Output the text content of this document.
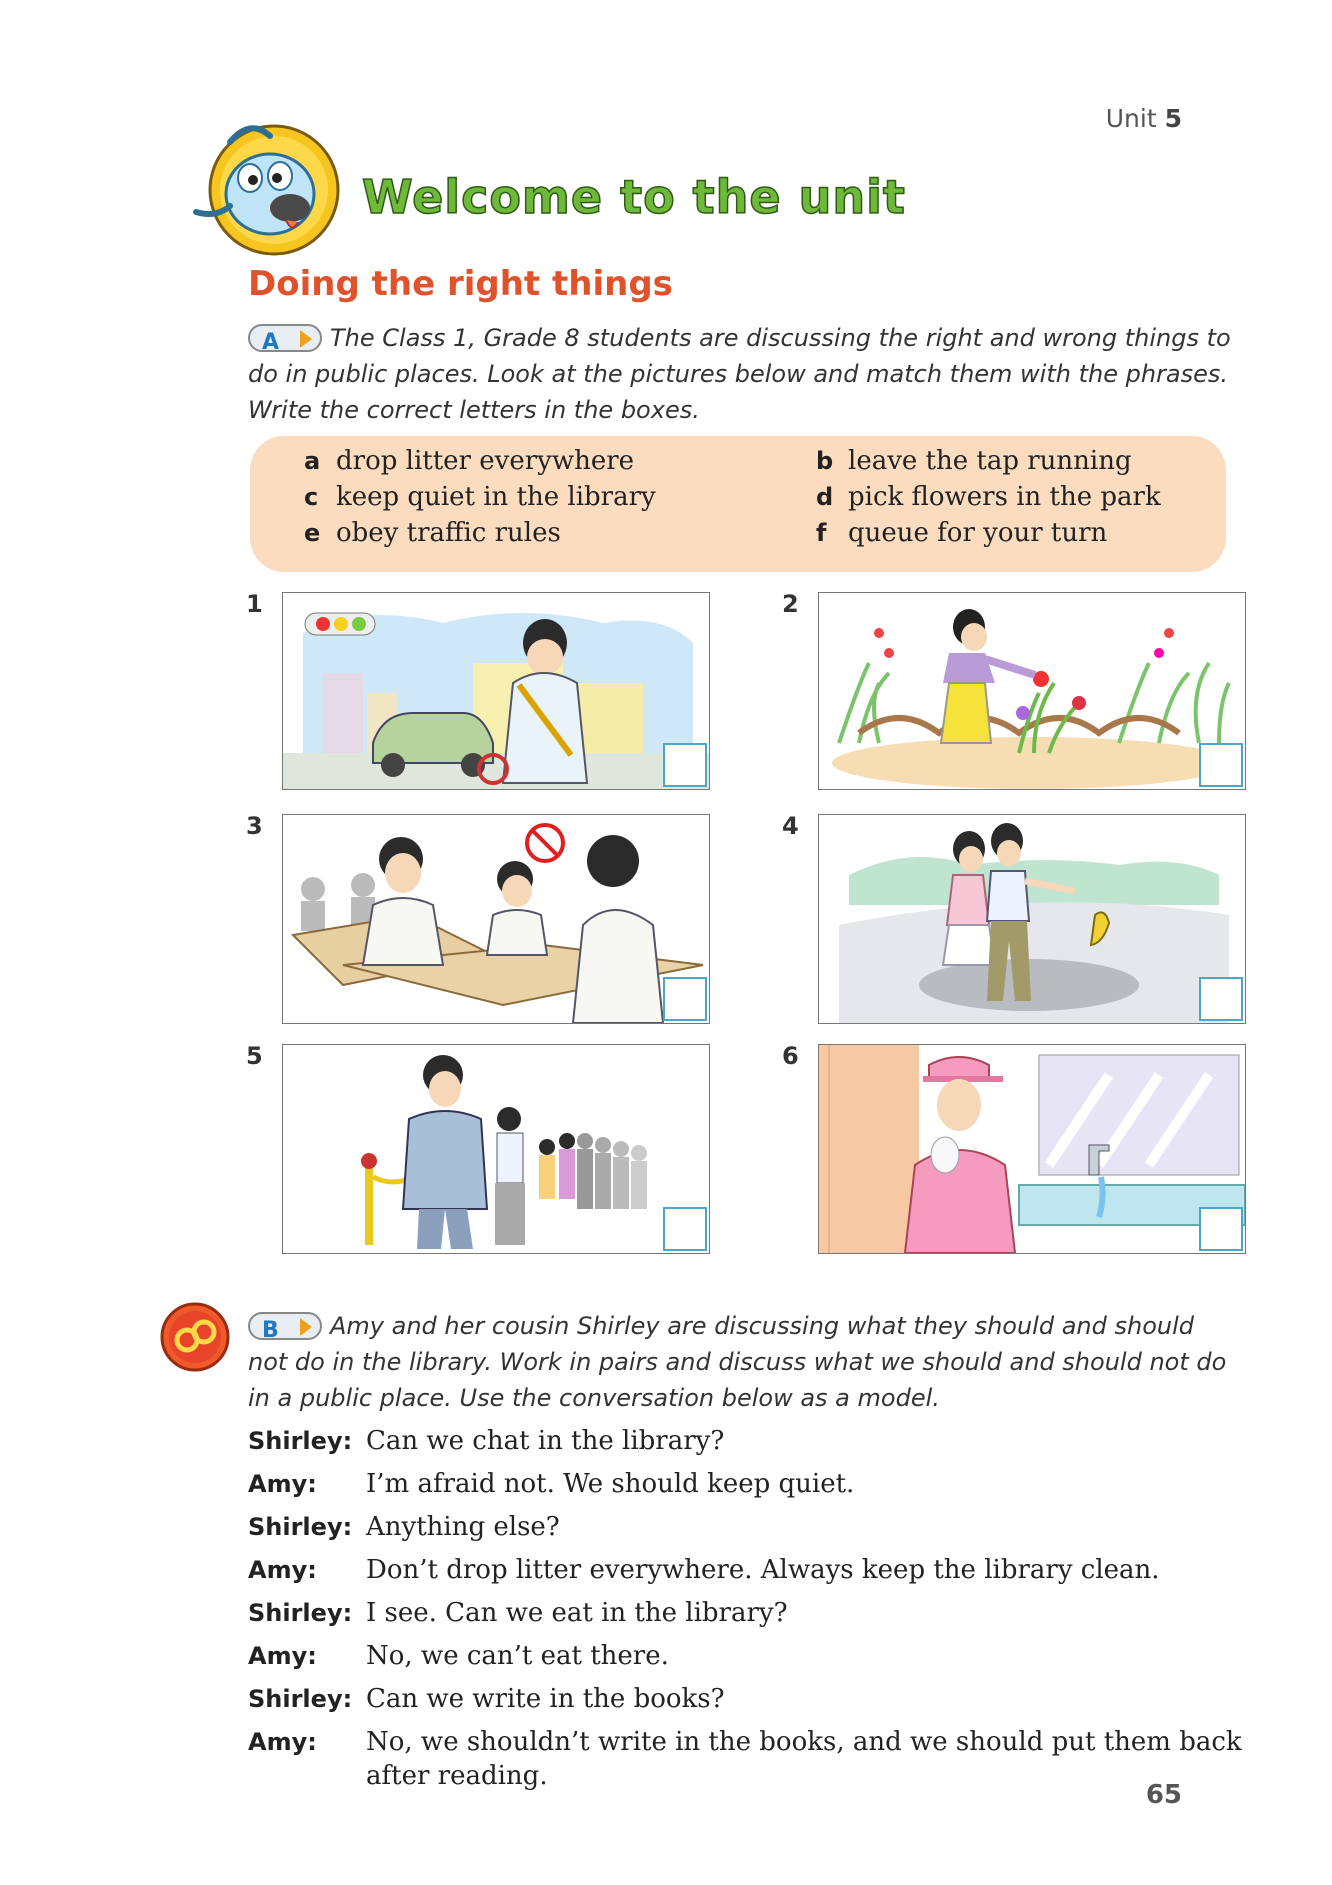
Unit 5
Welcome to the unit
Doing the right things

A The Class 1, Grade 8 students are discussing the right and wrong things to do in public places. Look at the pictures below and match them with the phrases. Write the correct letters in the boxes.

a drop litter everywhere	b leave the tap running
c keep quiet in the library	d pick flowers in the park
e obey traffic rules	f queue for your turn
1	2
3	4
5	6

B Amy and her cousin Shirley are discussing what they should and should not do in the library. Work in pairs and discuss what we should and should not do in a public place. Use the conversation below as a model.

Shirley: Can we chat in the library?
Amy: I’m afraid not. We should keep quiet.
Shirley: Anything else?
Amy: Don’t drop litter everywhere. Always keep the library clean.
Shirley: I see. Can we eat in the library?
Amy: No, we can’t eat there.
Shirley: Can we write in the books?
Amy: No, we shouldn’t write in the books, and we should put them back after reading.
65
